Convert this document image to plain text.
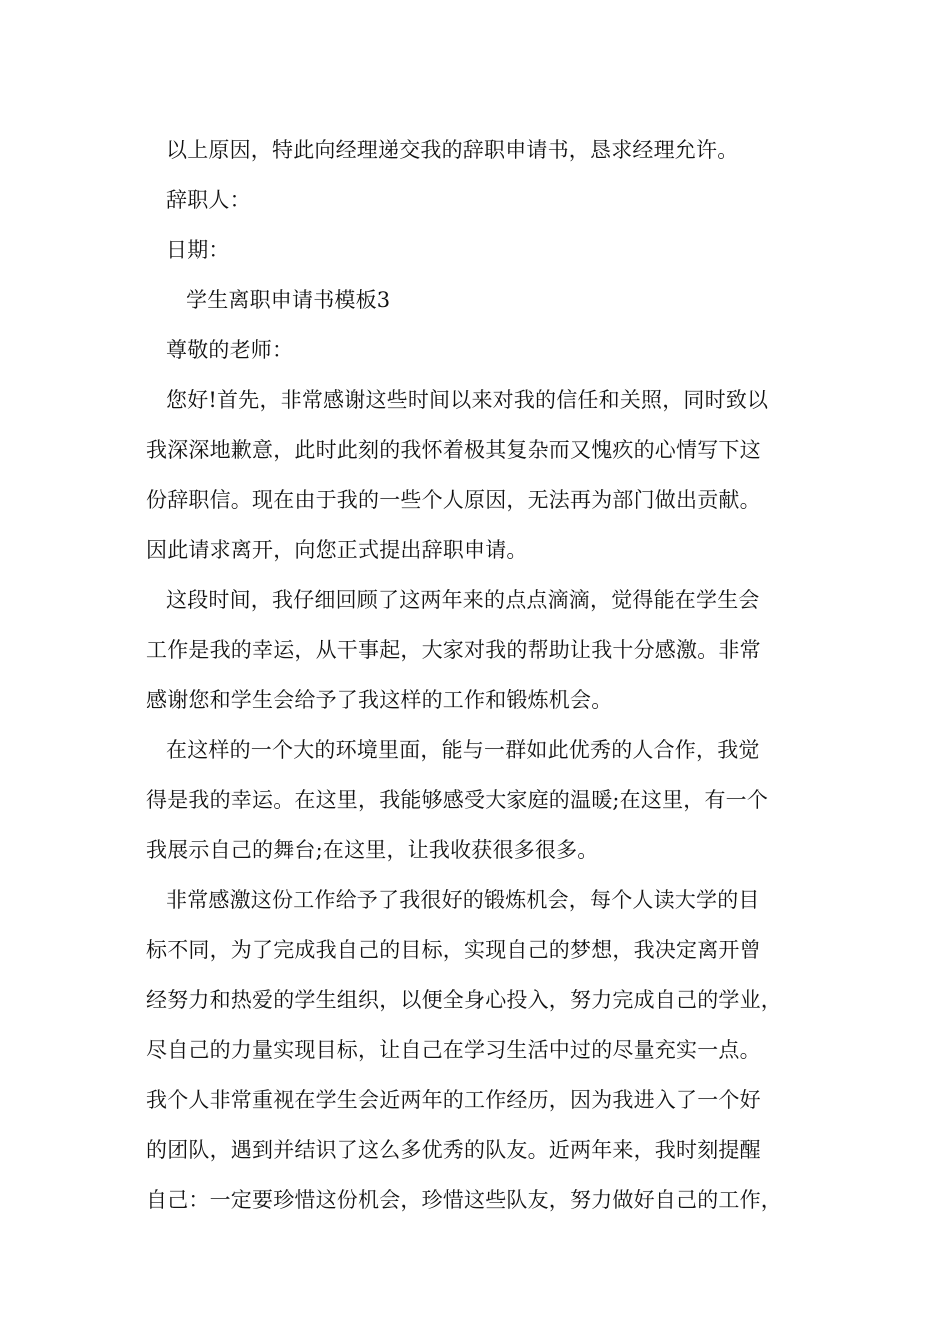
以上原因，特此向经理递交我的辞职申请书，恳求经理允许。
辞职人：
日期：
学生离职申请书模板3
尊敬的老师：
您好!首先，非常感谢这些时间以来对我的信任和关照，同时致以
我深深地歉意，此时此刻的我怀着极其复杂而又愧疚的心情写下这
份辞职信。现在由于我的一些个人原因，无法再为部门做出贡献。
因此请求离开，向您正式提出辞职申请。
这段时间，我仔细回顾了这两年来的点点滴滴，觉得能在学生会
工作是我的幸运，从干事起，大家对我的帮助让我十分感激。非常
感谢您和学生会给予了我这样的工作和锻炼机会。
在这样的一个大的环境里面，能与一群如此优秀的人合作，我觉
得是我的幸运。在这里，我能够感受大家庭的温暖;在这里，有一个
我展示自己的舞台;在这里，让我收获很多很多。
非常感激这份工作给予了我很好的锻炼机会，每个人读大学的目
标不同，为了完成我自己的目标，实现自己的梦想，我决定离开曾
经努力和热爱的学生组织，以便全身心投入，努力完成自己的学业，
尽自己的力量实现目标，让自己在学习生活中过的尽量充实一点。
我个人非常重视在学生会近两年的工作经历，因为我进入了一个好
的团队，遇到并结识了这么多优秀的队友。近两年来，我时刻提醒
自己：一定要珍惜这份机会，珍惜这些队友，努力做好自己的工作，
